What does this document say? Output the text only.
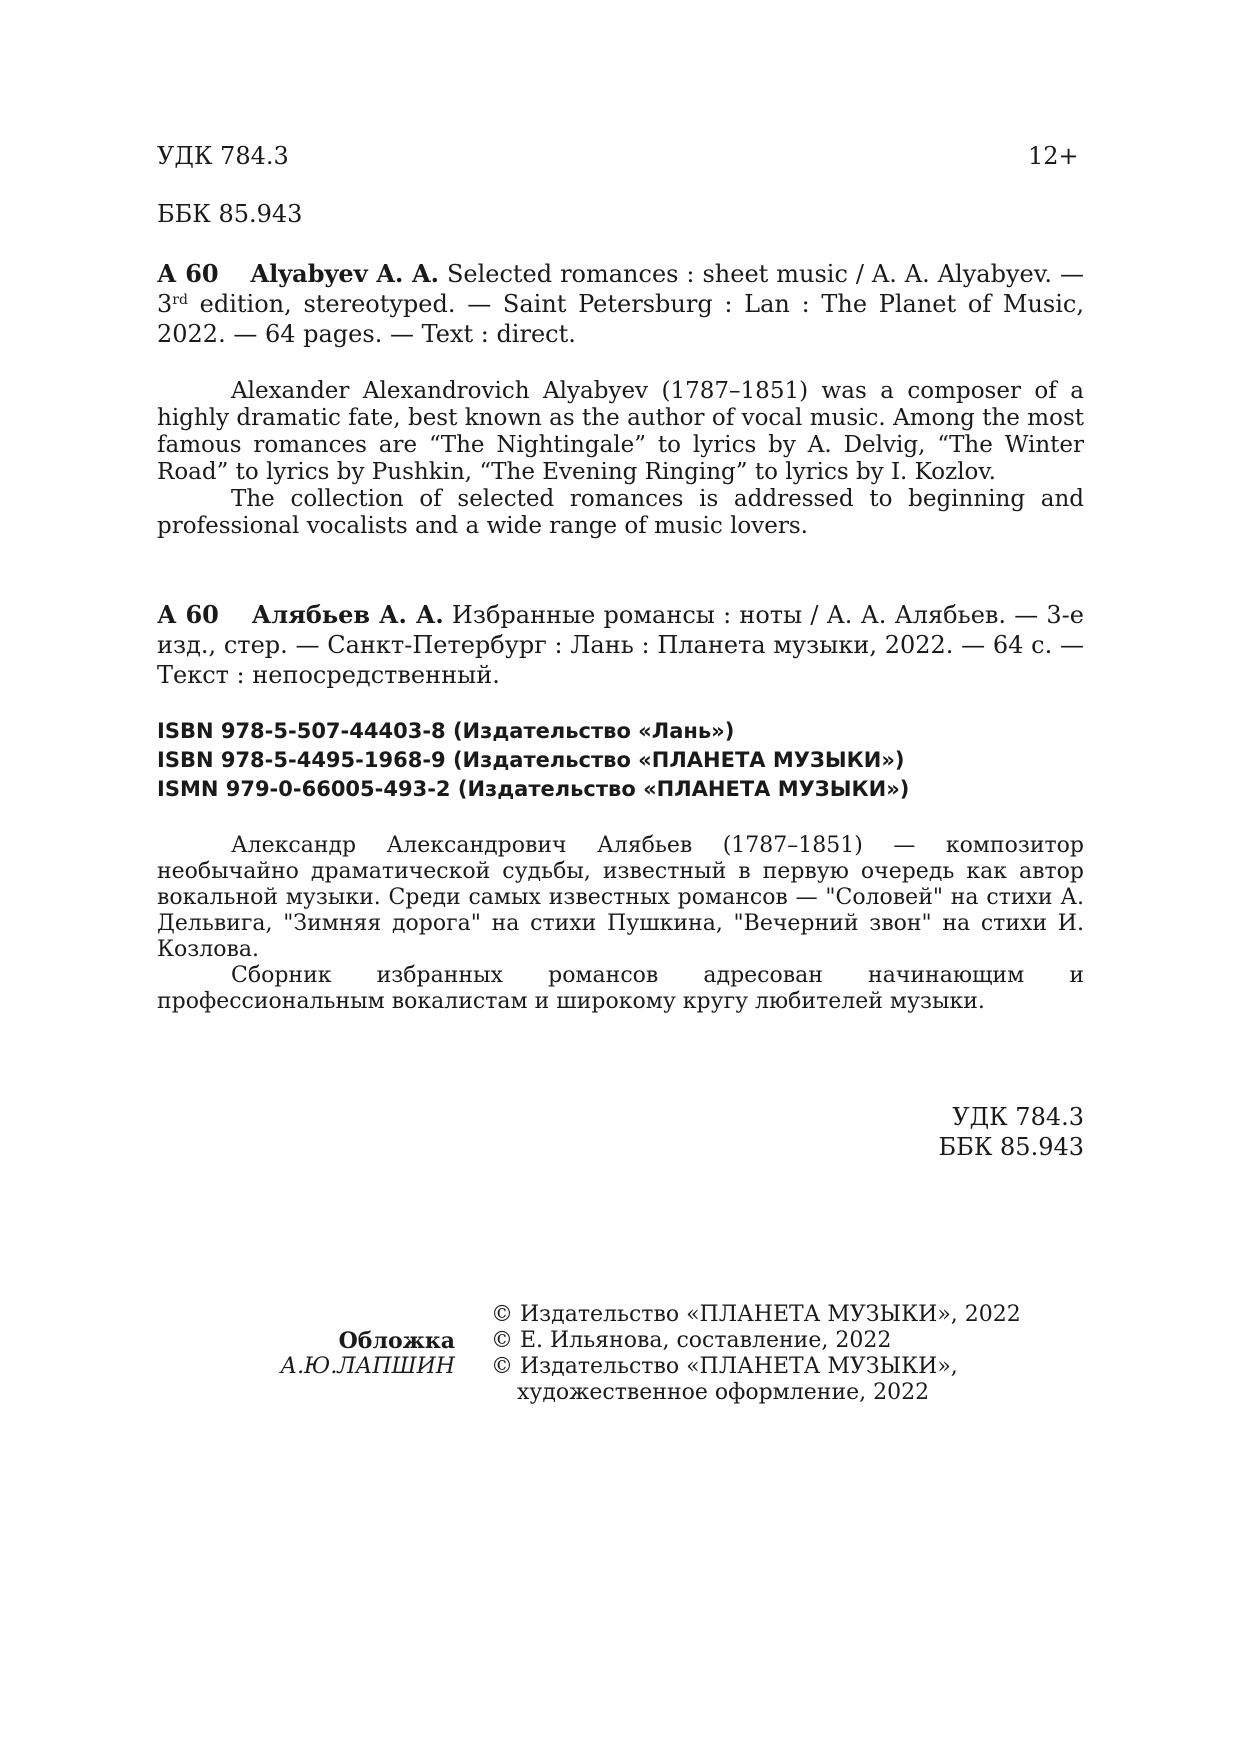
УДК 784.3	12+
ББК 85.943
А 60 Alyabyev A. A. Selected romances : sheet music / A. A. Alyabyev. —
3rd edition, stereotyped. — Saint Petersburg : Lan : The Planet of Music,
2022. — 64 pages. — Text : direct.

Alexander Alexandrovich Alyabyev (1787–1851) was a composer of a highly dramatic fate, best known as the author of vocal music. Among the most famous romances are “The Nightingale” to lyrics by A. Delvig, “The Winter Road” to lyrics by Pushkin, “The Evening Ringing” to lyrics by I. Kozlov.

The collection of selected romances is addressed to beginning and professional vocalists and a wide range of music lovers.

А 60 Алябьев А. А. Избранные романсы : ноты / А. А. Алябьев. — 3-е
изд., стер. — Санкт-Петербург : Лань : Планета музыки, 2022. — 64 с. —
Текст : непосредственный.
ISBN 978-5-507-44403-8 (Издательство «Лань»)
ISBN 978-5-4495-1968-9 (Издательство «ПЛАНЕТА МУЗЫКИ»)
ISMN 979-0-66005-493-2 (Издательство «ПЛАНЕТА МУЗЫКИ»)

Александр Александрович Алябьев (1787–1851) — композитор необычайно драматической судьбы, известный в первую очередь как автор вокальной музыки. Среди самых известных романсов — "Соловей" на стихи А. Дельвига, "Зимняя дорога" на стихи Пушкина, "Вечерний звон" на стихи И. Козлова.

Сборник избранных романсов адресован начинающим и профессиональным вокалистам и широкому кругу любителей музыки.

УДК 784.3
ББК 85.943
© Издательство «ПЛАНЕТА МУЗЫКИ», 2022
Обложка	© Е. Ильянова, составление, 2022
А.Ю.ЛАПШИН	© Издательство «ПЛАНЕТА МУЗЫКИ»,
художественное оформление, 2022
